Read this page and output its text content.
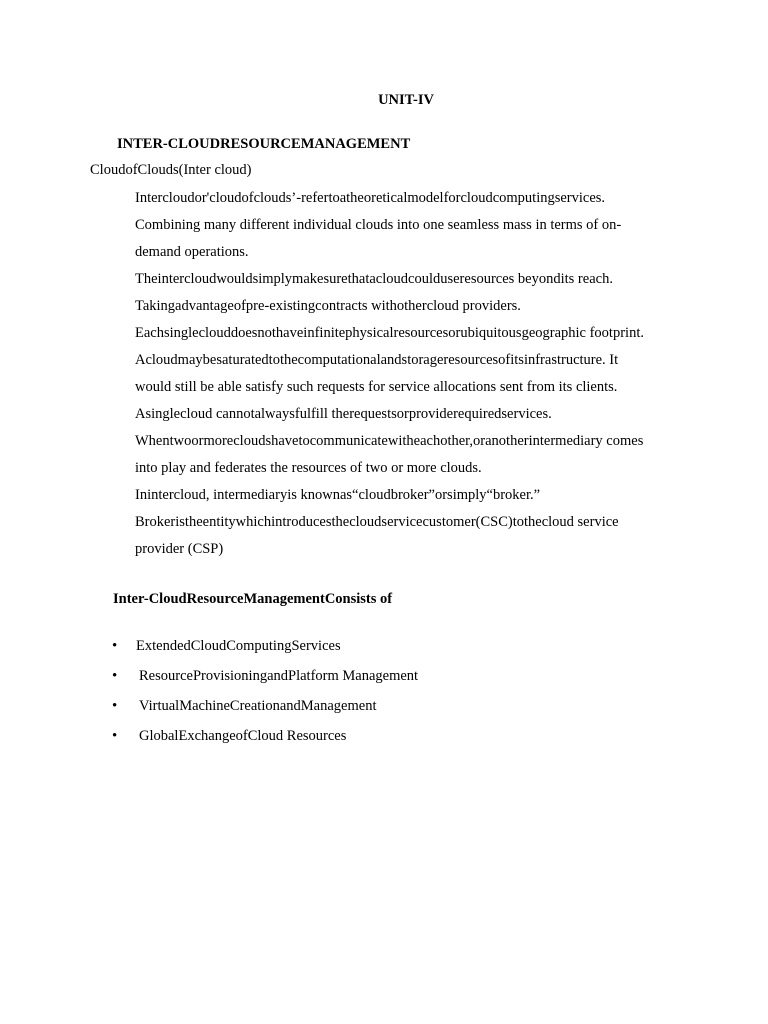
UNIT-IV
INTER-CLOUDRESOURCEMANAGEMENT
CloudofClouds(Inter cloud)
Intercloudor'cloudofclouds’-refertoatheoreticalmodelforcloudcomputingservices.
Combining many different individual clouds into one seamless mass in terms of on-
demand operations.
Theintercloudwouldsimplymakesurethatacloudcoulduseresources beyondits reach.
Takingadvantageofpre-existingcontracts withothercloud providers.
Eachsingleclouddoesnothaveinfinitephysicalresourcesorubiquitousgeographic footprint.
Acloudmaybesaturatedtothecomputationalandstorageresourcesofitsinfrastructure. It
would still be able satisfy such requests for service allocations sent from its clients.
Asinglecloud cannotalwaysfulfill therequestsorproviderequiredservices.
Whentwoormorecloudshavetocommunicatewitheachother,oranotherintermediary comes
into play and federates the resources of two or more clouds.
Inintercloud, intermediaryis knownas“cloudbroker”orsimply“broker.”
Brokeristheentitywhichintroducesthecloudservicecustomer(CSC)tothecloud service
provider (CSP)
Inter-CloudResourceManagementConsists of
• ExtendedCloudComputingServices
• ResourceProvisioningandPlatform Management
• VirtualMachineCreationandManagement
• GlobalExchangeofCloud Resources
